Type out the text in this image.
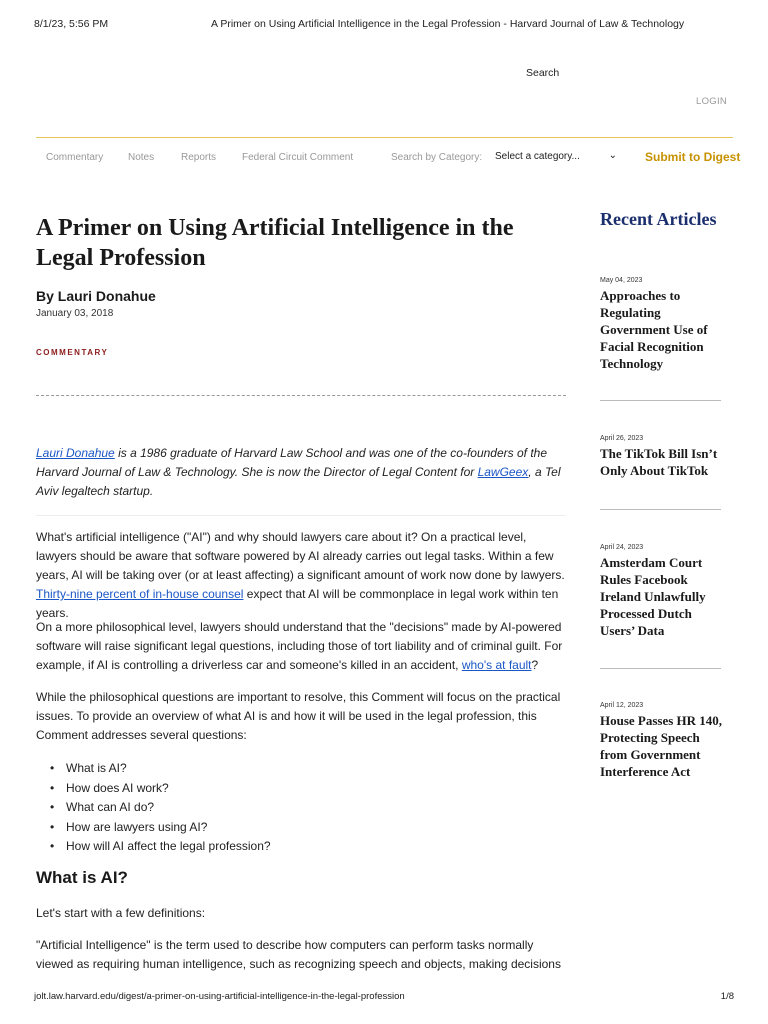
8/1/23, 5:56 PM	A Primer on Using Artificial Intelligence in the Legal Profession - Harvard Journal of Law & Technology
Search
LOGIN
Commentary Notes	Reports	Federal Circuit Comment	Search by Category: Select a category...	⌄ Submit to Digest
A Primer on Using Artificial Intelligence in the Legal Profession
By Lauri Donahue
January 03, 2018
COMMENTARY

Lauri Donahue is a 1986 graduate of Harvard Law School and was one of the co-founders of the Harvard Journal of Law & Technology. She is now the Director of Legal Content for LawGeex, a Tel Aviv legaltech startup.

What's artificial intelligence ("AI") and why should lawyers care about it? On a practical level, lawyers should be aware that software powered by AI already carries out legal tasks. Within a few years, AI will be taking over (or at least affecting) a significant amount of work now done by lawyers. Thirty-nine percent of in-house counsel expect that AI will be commonplace in legal work within ten years.

On a more philosophical level, lawyers should understand that the "decisions" made by AI-powered software will raise significant legal questions, including those of tort liability and of criminal guilt. For example, if AI is controlling a driverless car and someone's killed in an accident, who's at fault?

While the philosophical questions are important to resolve, this Comment will focus on the practical issues. To provide an overview of what AI is and how it will be used in the legal profession, this Comment addresses several questions:

• What is AI?
• How does AI work?
• What can AI do?
• How are lawyers using AI?
• How will AI affect the legal profession?
What is AI?

Let's start with a few definitions:

"Artificial Intelligence" is the term used to describe how computers can perform tasks normally viewed as requiring human intelligence, such as recognizing speech and objects, making decisions

Recent Articles
May 04, 2023
Approaches to Regulating Government Use of Facial Recognition Technology
April 26, 2023
The TikTok Bill Isn’t Only About TikTok
April 24, 2023
Amsterdam Court Rules Facebook Ireland Unlawfully Processed Dutch Users’ Data
April 12, 2023
House Passes HR 140, Protecting Speech from Government Interference Act
jolt.law.harvard.edu/digest/a-primer-on-using-artificial-intelligence-in-the-legal-profession	1/8
